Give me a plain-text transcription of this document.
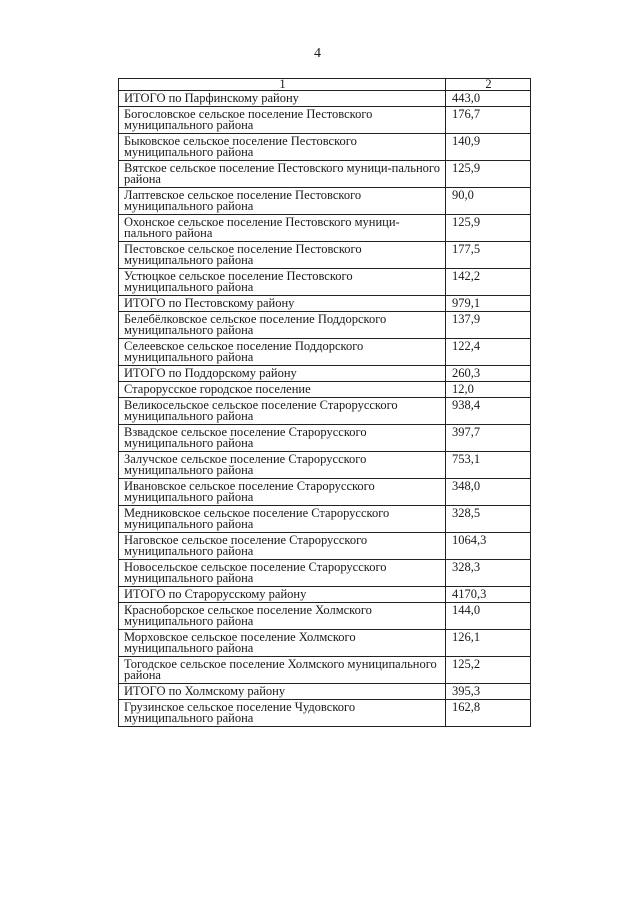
4
1	2
ИТОГО по Парфинскому району	443,0
Богословское сельское поселение Пестовского муниципального района	176,7
Быковское сельское поселение Пестовского муниципального района	140,9
Вятское сельское поселение Пестовского муници-пального района	125,9
Лаптевское сельское поселение Пестовского муниципального района	90,0
Охонское сельское поселение Пестовского муници-пального района	125,9
Пестовское сельское поселение Пестовского муниципального района	177,5
Устюцкое сельское поселение Пестовского муниципального района	142,2
ИТОГО по Пестовскому району	979,1
Белебёлковское сельское поселение Поддорского муниципального района	137,9
Селеевское сельское поселение Поддорского муниципального района	122,4
ИТОГО по Поддорскому району	260,3
Старорусское городское поселение	12,0
Великосельское сельское поселение Старорусского муниципального района	938,4
Взвадское сельское поселение Старорусского муниципального района	397,7
Залучское сельское поселение Старорусского муниципального района	753,1
Ивановское сельское поселение Старорусского муниципального района	348,0
Медниковское сельское поселение Старорусского муниципального района	328,5
Наговское сельское поселение Старорусского муниципального района	1064,3
Новосельское сельское поселение Старорусского муниципального района	328,3
ИТОГО по Старорусскому району	4170,3
Красноборское сельское поселение Холмского муниципального района	144,0
Морховское сельское поселение Холмского муниципального района	126,1
Тогодское сельское поселение Холмского муниципального района	125,2
ИТОГО по Холмскому району	395,3
Грузинское сельское поселение Чудовского муниципального района	162,8
